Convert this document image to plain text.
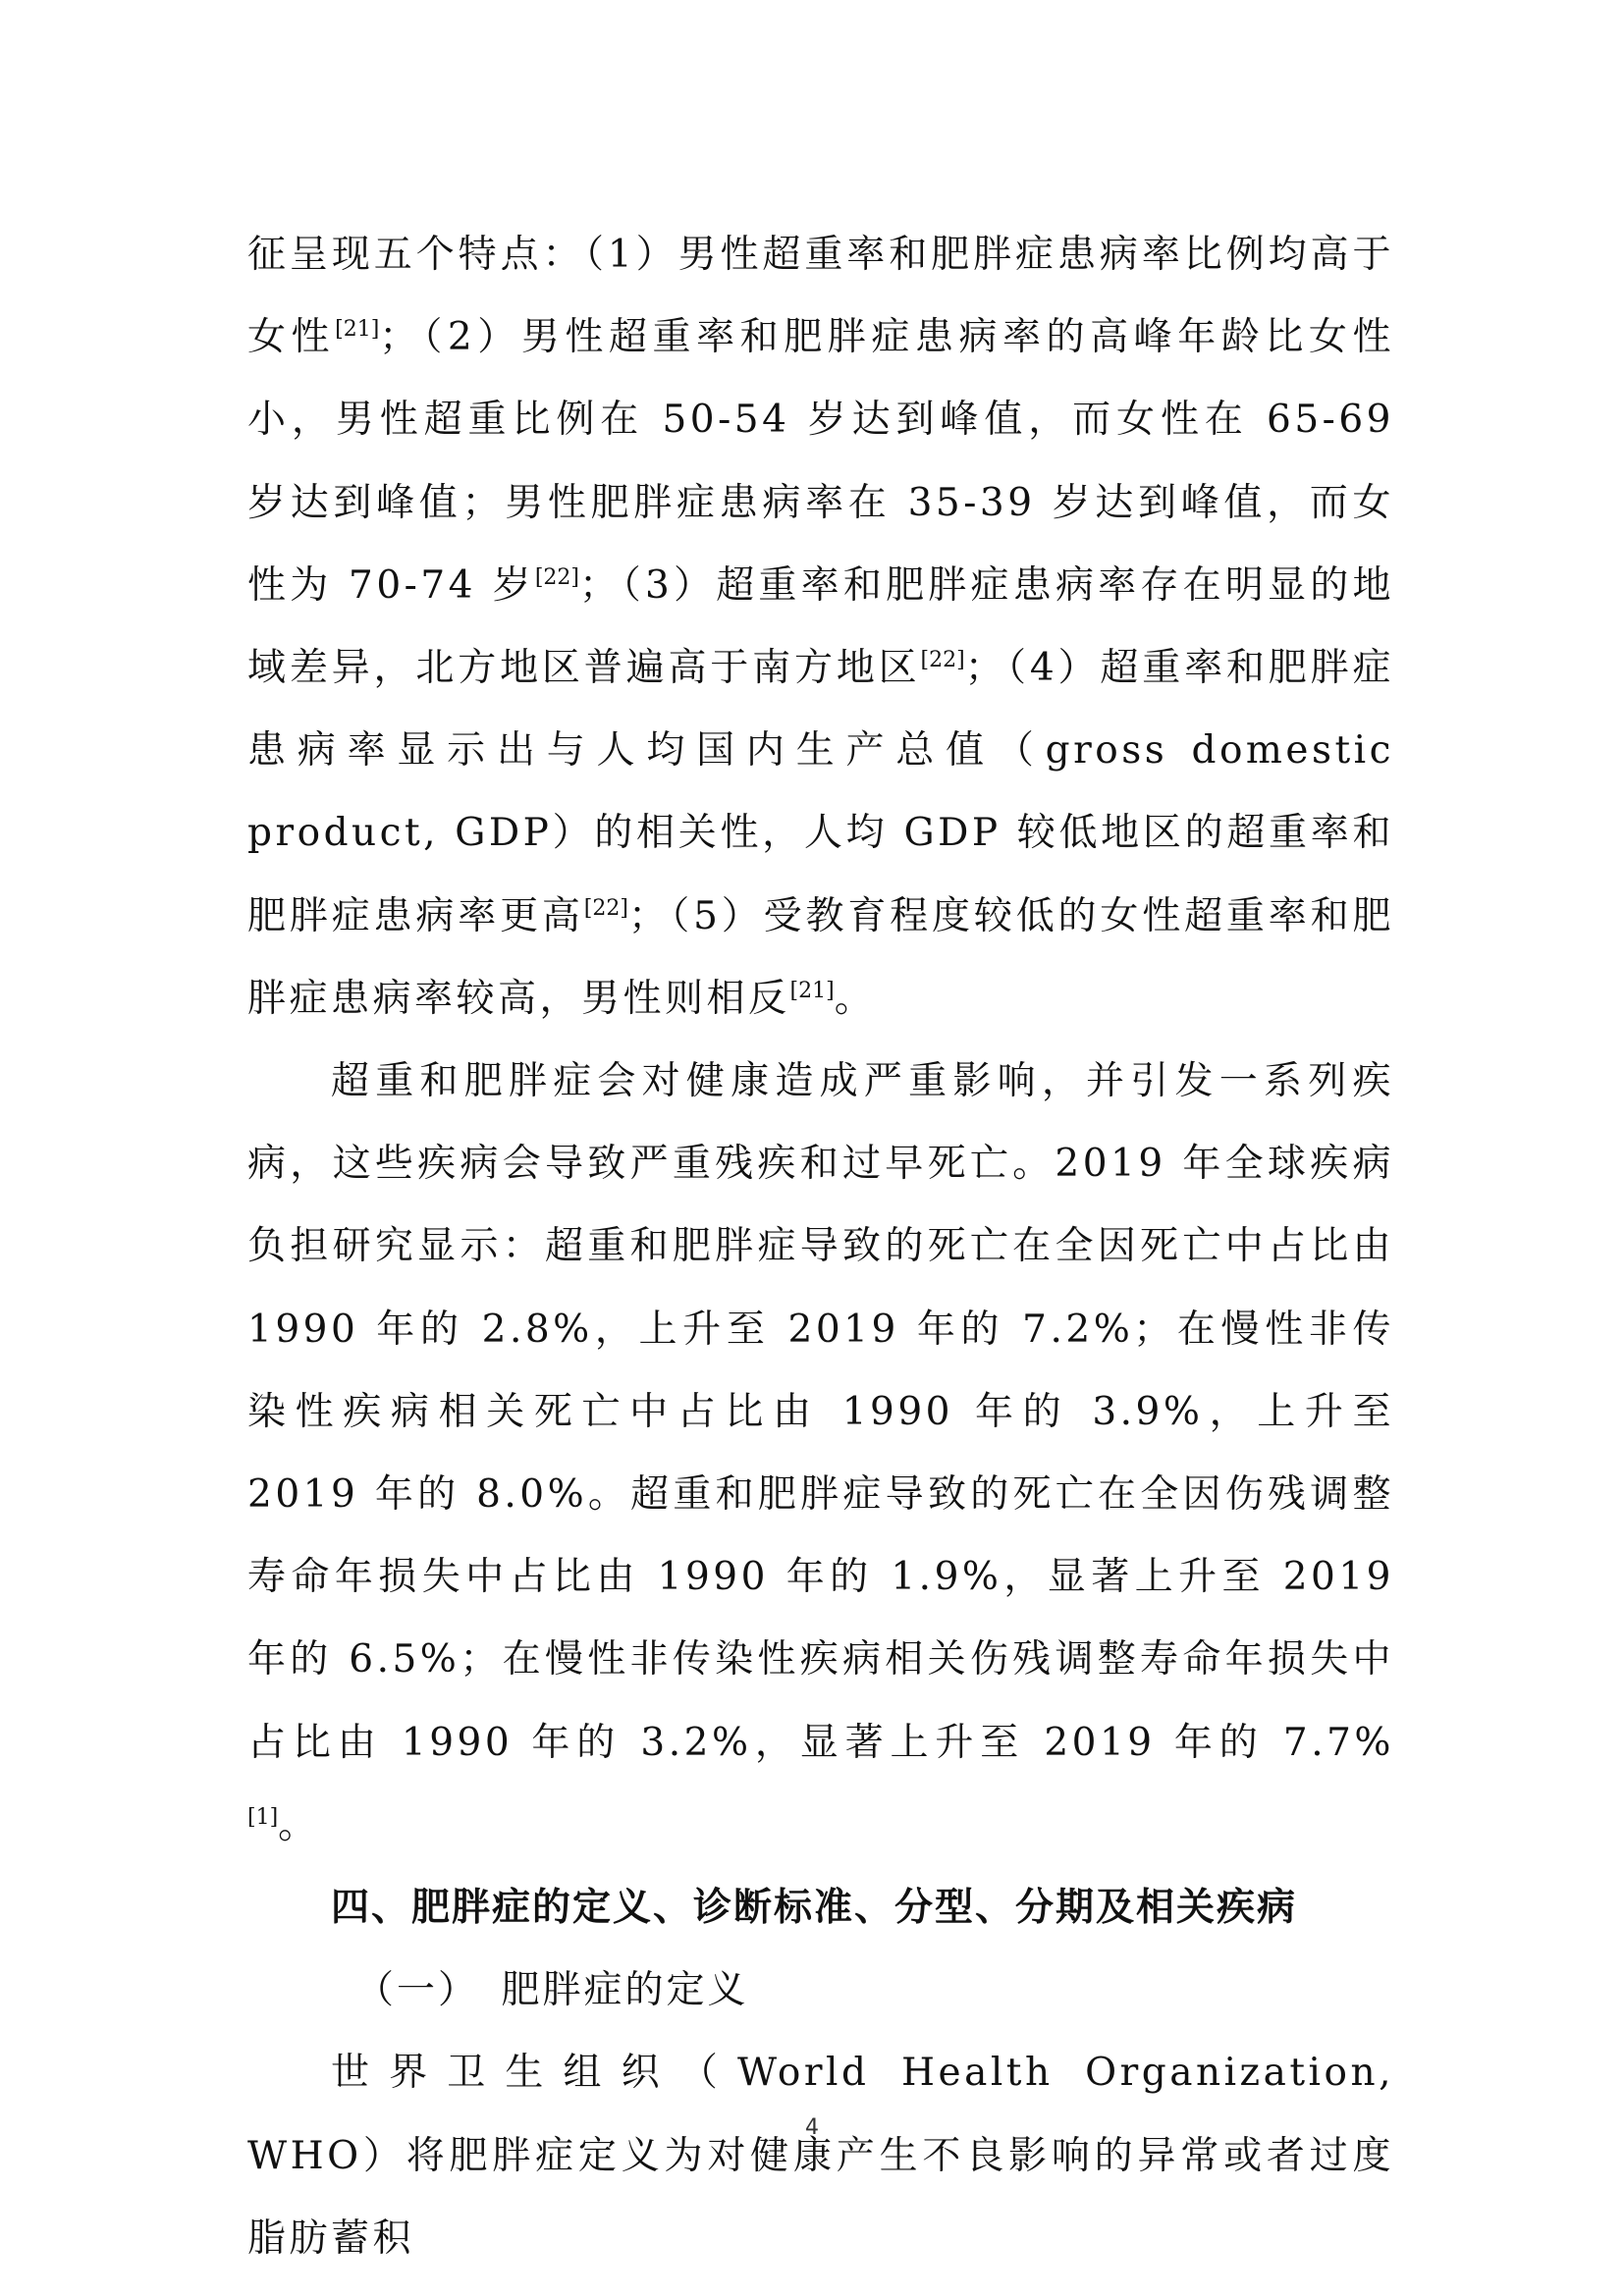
征呈现五个特点：（1）男性超重率和肥胖症患病率比例均高于女性[21]；（2）男性超重率和肥胖症患病率的高峰年龄比女性小，男性超重比例在 50-54 岁达到峰值，而女性在 65-69 岁达到峰值；男性肥胖症患病率在 35-39 岁达到峰值，而女性为 70-74 岁[22]；（3）超重率和肥胖症患病率存在明显的地域差异，北方地区普遍高于南方地区[22]；（4）超重率和肥胖症患病率显示出与人均国内生产总值（gross domestic product, GDP）的相关性，人均 GDP 较低地区的超重率和肥胖症患病率更高[22]；（5）受教育程度较低的女性超重率和肥胖症患病率较高，男性则相反[21]。

超重和肥胖症会对健康造成严重影响，并引发一系列疾病，这些疾病会导致严重残疾和过早死亡。2019 年全球疾病负担研究显示：超重和肥胖症导致的死亡在全因死亡中占比由 1990 年的 2.8%，上升至 2019 年的 7.2%；在慢性非传染性疾病相关死亡中占比由 1990 年的 3.9%，上升至 2019 年的 8.0%。超重和肥胖症导致的死亡在全因伤残调整寿命年损失中占比由 1990 年的 1.9%，显著上升至 2019 年的 6.5%；在慢性非传染性疾病相关伤残调整寿命年损失中占比由 1990 年的 3.2%，显著上升至 2019 年的 7.7%[1]。

四、肥胖症的定义、诊断标准、分型、分期及相关疾病

（一）　肥胖症的定义

世界卫生组织（World Health Organization, WHO）将肥胖症定义为对健康产生不良影响的异常或者过度脂肪蓄积

4
